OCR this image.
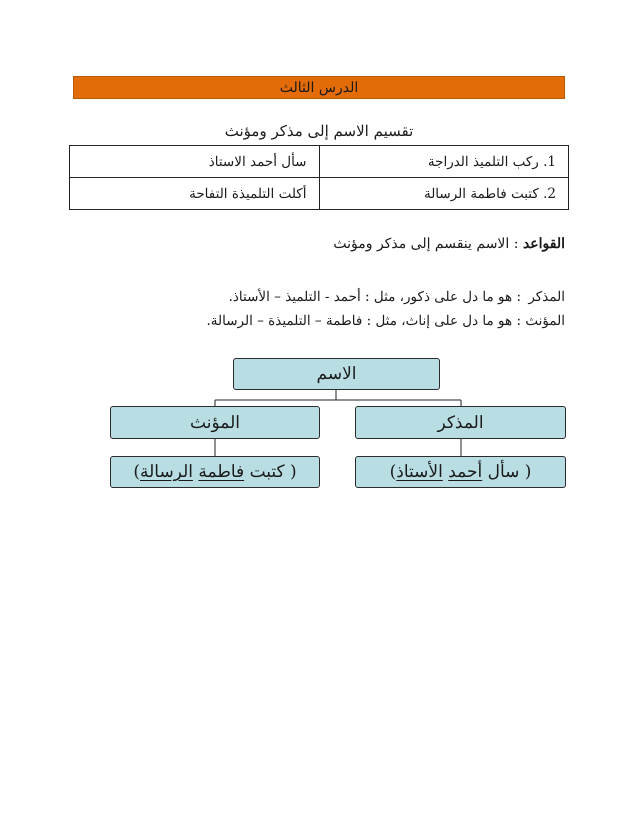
الدرس الثالث
تقسيم الاسم إلى مذكر ومؤنث
1. ركب التلميذ الدراجة	سأل أحمد الاستاذ
2. كتبت فاطمة الرسالة	أكلت التلميذة التفاحة
القواعد : الاسم ينقسم إلى مذكر ومؤنث
المذكر: هو ما دل على ذكور، مثل : أحمد - التلميذ – الأستاذ.
المؤنث: هو ما دل على إناث، مثل : فاطمة – التلميذة – الرسالة.
الاسم
المؤنث	المذكر
( كتبت فاطمة الرسالة)	( سأل أحمد الأستاذ)
